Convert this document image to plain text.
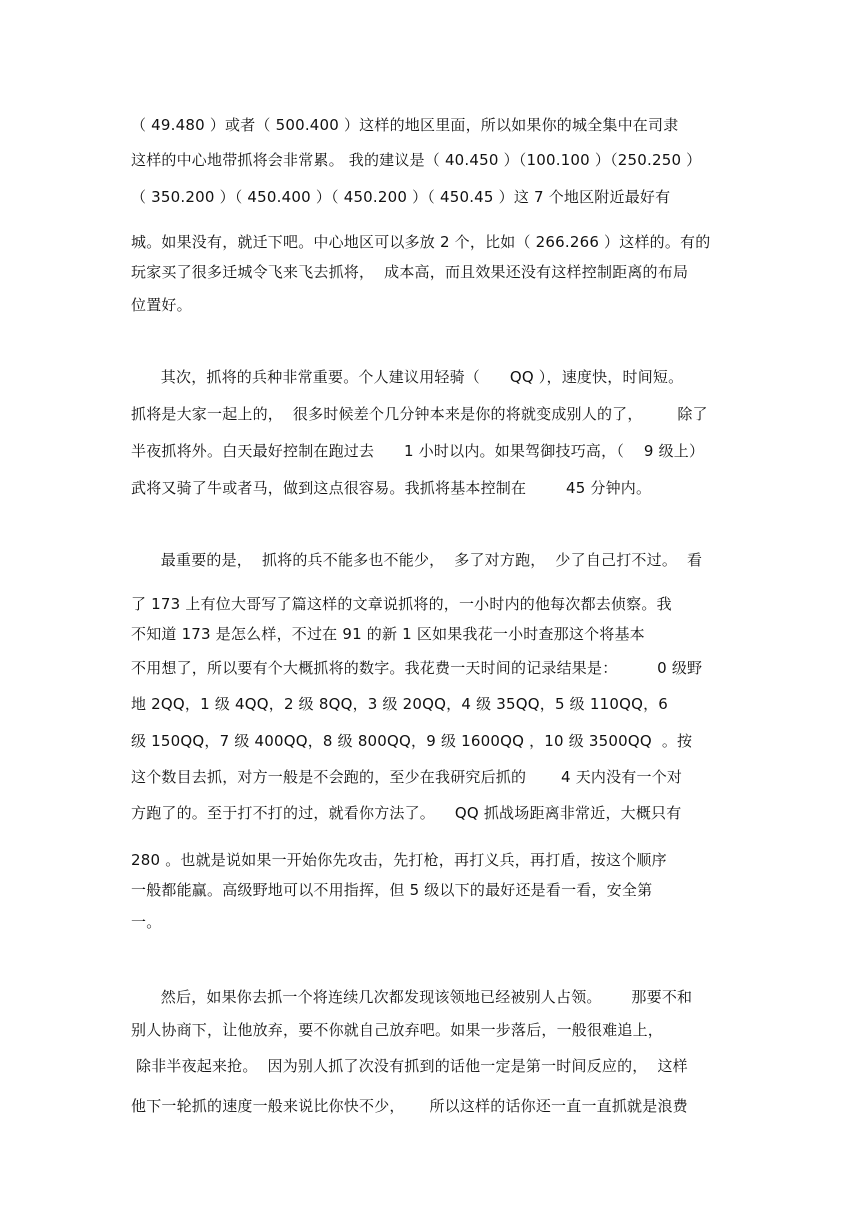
（ 49.480 ）或者（ 500.400 ）这样的地区里面，所以如果你的城全集中在司隶
这样的中心地带抓将会非常累。 我的建议是（ 40.450 ）（100.100 ）（250.250 ）
（ 350.200 ）（ 450.400 ）（ 450.200 ）（ 450.45 ）这 7 个地区附近最好有
城。如果没有，就迁下吧。中心地区可以多放 2 个，比如（ 266.266 ）这样的。有的
玩家买了很多迁城令飞来飞去抓将，  成本高，而且效果还没有这样控制距离的布局
位置好。
其次，抓将的兵种非常重要。个人建议用轻骑（      QQ ），速度快，时间短。
抓将是大家一起上的，  很多时候差个几分钟本来是你的将就变成别人的了，       除了
半夜抓将外。白天最好控制在跑过去      1 小时以内。如果驾御技巧高，（    9 级上）
武将又骑了牛或者马，做到这点很容易。我抓将基本控制在        45 分钟内。
最重要的是，  抓将的兵不能多也不能少，  多了对方跑，  少了自己打不过。  看
了 173 上有位大哥写了篇这样的文章说抓将的，一小时内的他每次都去侦察。我
不知道 173 是怎么样，不过在 91 的新 1 区如果我花一小时查那这个将基本
不用想了，所以要有个大概抓将的数字。我花费一天时间的记录结果是：        0 级野
地 2QQ，1 级 4QQ，2 级 8QQ，3 级 20QQ，4 级 35QQ，5 级 110QQ，6
级 150QQ，7 级 400QQ，8 级 800QQ，9 级 1600QQ ，10 级 3500QQ  。按
这个数目去抓，对方一般是不会跑的，至少在我研究后抓的       4 天内没有一个对
方跑了的。至于打不打的过，就看你方法了。    QQ 抓战场距离非常近，大概只有
280 。也就是说如果一开始你先攻击，先打枪，再打义兵，再打盾，按这个顺序
一般都能赢。高级野地可以不用指挥，但 5 级以下的最好还是看一看，安全第
一。
然后，如果你去抓一个将连续几次都发现该领地已经被别人占领。      那要不和
别人协商下，让他放弃，要不你就自己放弃吧。如果一步落后，一般很难追上，
除非半夜起来抢。  因为别人抓了次没有抓到的话他一定是第一时间反应的，  这样
他下一轮抓的速度一般来说比你快不少，     所以这样的话你还一直一直抓就是浪费
